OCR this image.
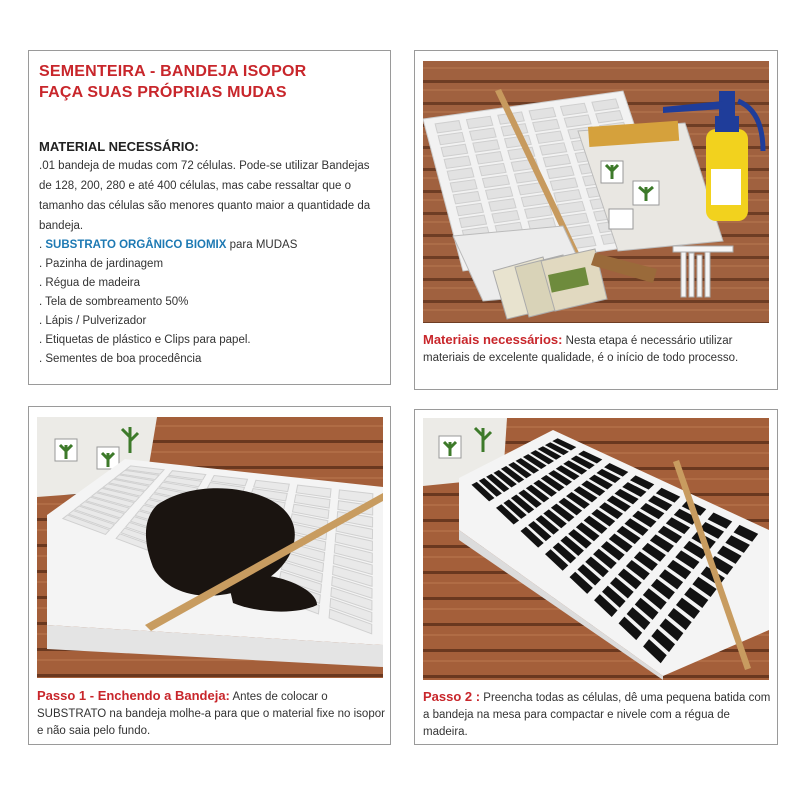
SEMENTEIRA - BANDEJA ISOPOR
FAÇA SUAS PRÓPRIAS MUDAS
MATERIAL NECESSÁRIO:
.01 bandeja de mudas com 72 células. Pode-se utilizar Bandejas de 128, 200, 280 e até 400 células, mas cabe ressaltar que o tamanho das células são menores quanto maior a quantidade da bandeja.
. SUBSTRATO ORGÂNICO BIOMIX para MUDAS
. Pazinha de jardinagem
. Régua de madeira
. Tela de sombreamento 50%
. Lápis / Pulverizador
. Etiquetas de plástico e Clips para papel.
. Sementes de boa procedência
Materiais necessários: Nesta etapa é necessário utilizar materiais de excelente qualidade, é o início de todo processo.
Passo 1 - Enchendo a Bandeja: Antes de colocar o SUBSTRATO na bandeja molhe-a para que o material fixe no isopor e não saia pelo fundo.
Passo 2 : Preencha todas as células, dê uma pequena batida com a bandeja na mesa para compactar e nivele com a régua de madeira.
